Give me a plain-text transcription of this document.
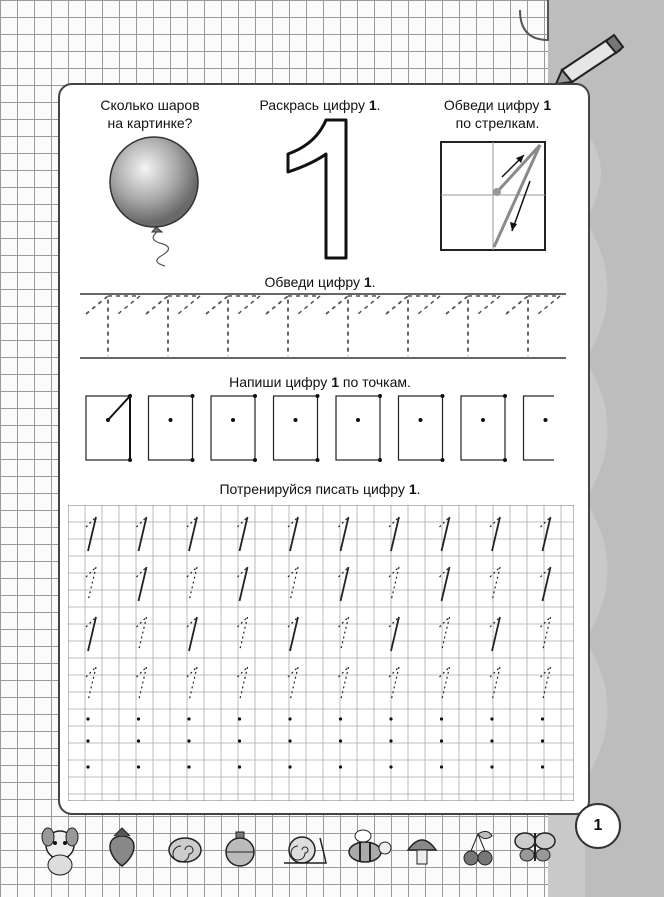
Сколько шаров
на картинке?
Раскрась цифру 1.	Обведи цифру 1
по стрелкам.
Обведи цифру 1.
Напиши цифру 1 по точкам.
Потренируйся писать цифру 1.
1
